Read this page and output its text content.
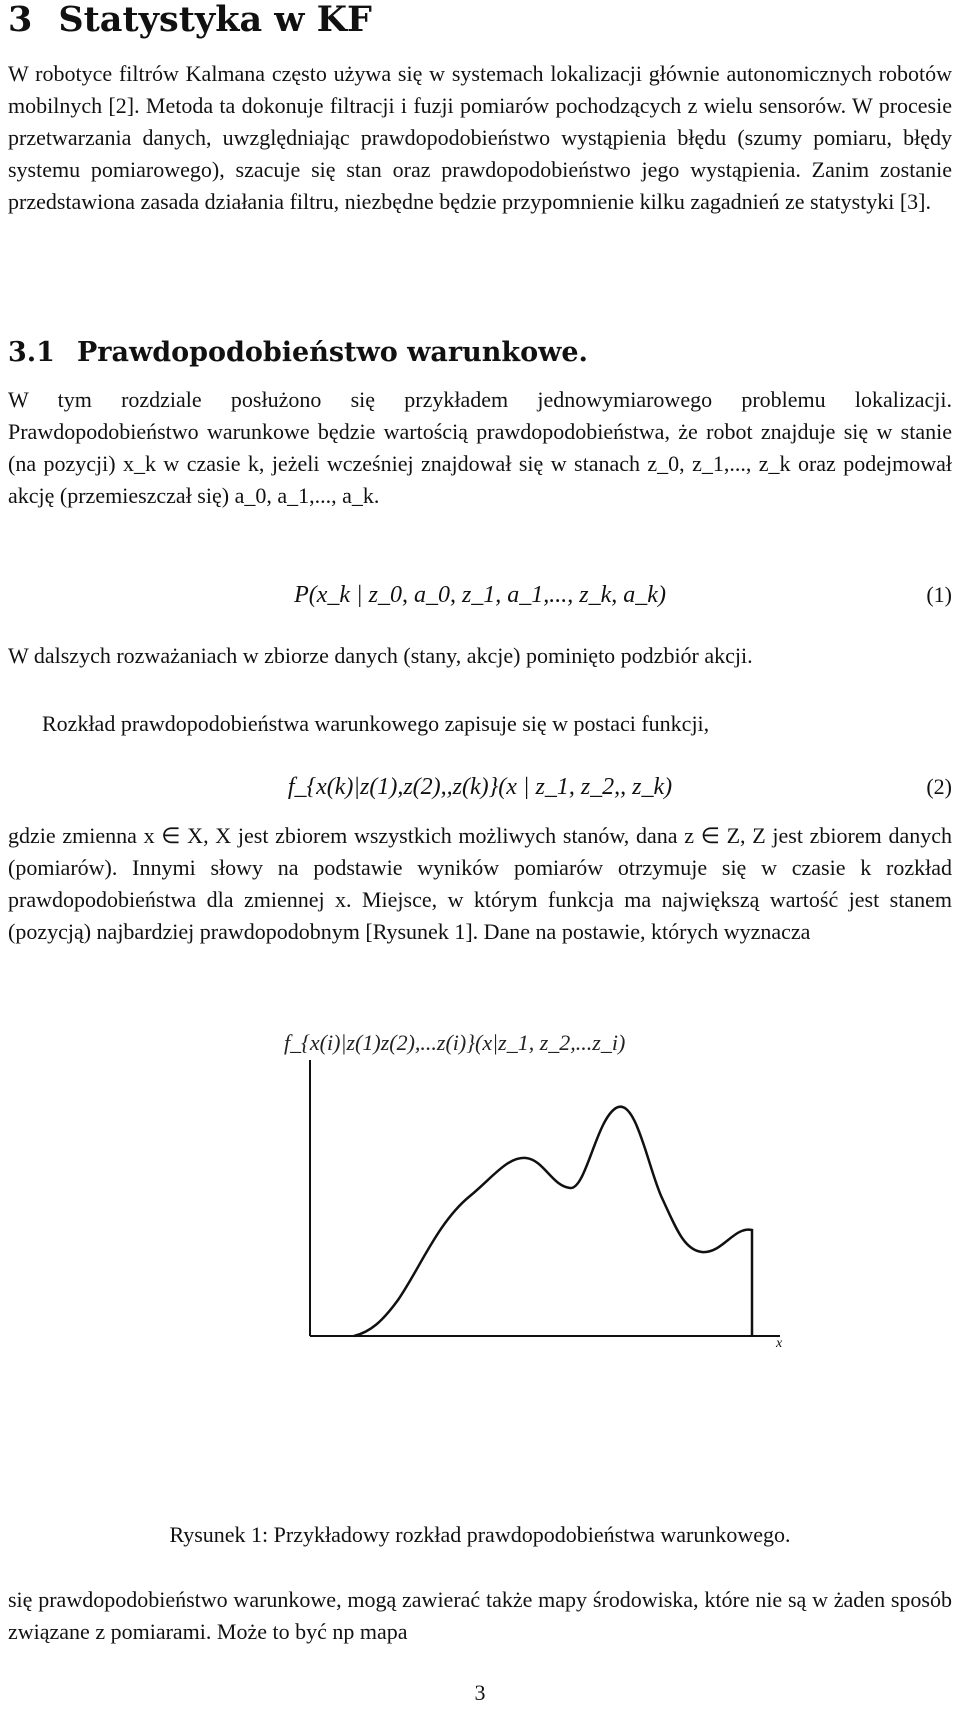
3 Statystyka w KF

W robotyce filtrów Kalmana często używa się w systemach lokalizacji głównie autonomicznych robotów mobilnych [2]. Metoda ta dokonuje filtracji i fuzji pomiarów pochodzących z wielu sensorów. W procesie przetwarzania danych, uwzględniając prawdopodobieństwo wystąpienia błędu (szumy pomiaru, błędy systemu pomiarowego), szacuje się stan oraz prawdopodobieństwo jego wystąpienia. Zanim zostanie przedstawiona zasada działania filtru, niezbędne będzie przypomnienie kilku zagadnień ze statystyki [3].

3.1 Prawdopodobieństwo warunkowe.

W tym rozdziale posłużono się przykładem jednowymiarowego problemu lokalizacji. Prawdopodobieństwo warunkowe będzie wartością prawdopodobieństwa, że robot znajduje się w stanie (na pozycji) x_k w czasie k, jeżeli wcześniej znajdował się w stanach z_0, z_1,..., z_k oraz podejmował akcję (przemieszczał się) a_0, a_1,..., a_k.

P(x_k | z_0, a_0, z_1, a_1,..., z_k, a_k)	(1)

W dalszych rozważaniach w zbiorze danych (stany, akcje) pominięto podzbiór akcji.

Rozkład prawdopodobieństwa warunkowego zapisuje się w postaci funkcji,

f_{x(k)|z(1),z(2),,z(k)}(x | z_1, z_2,, z_k)	(2)

gdzie zmienna x ∈ X, X jest zbiorem wszystkich możliwych stanów, dana z ∈ Z, Z jest zbiorem danych (pomiarów). Innymi słowy na podstawie wyników pomiarów otrzymuje się w czasie k rozkład prawdopodobieństwa dla zmiennej x. Miejsce, w którym funkcja ma największą wartość jest stanem (pozycją) najbardziej prawdopodobnym [Rysunek 1]. Dane na postawie, których wyznacza

f_{x(i)|z(1)z(2),...z(i)}(x|z_1, z_2,...z_i)
x

Rysunek 1: Przykładowy rozkład prawdopodobieństwa warunkowego.

się prawdopodobieństwo warunkowe, mogą zawierać także mapy środowiska, które nie są w żaden sposób związane z pomiarami. Może to być np mapa

3
